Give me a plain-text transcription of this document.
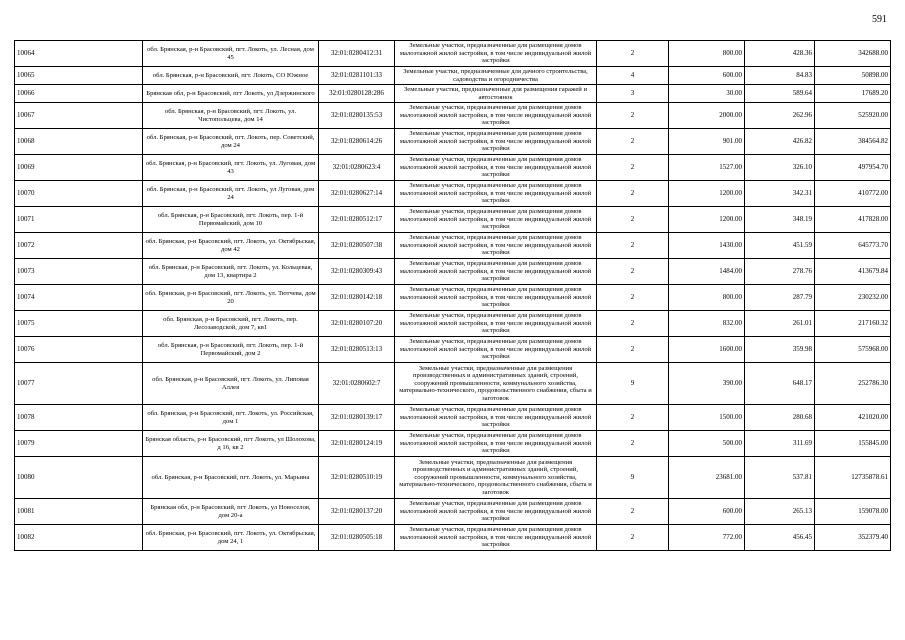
591
10064	обл. Брянская, р-н Брасовский, пгт. Локоть, ул. Лесная, дом 45	32:01:0280412:31	Земельные участки, предназначенные для размещения домов малоэтажной жилой застройки, в том числе индивидуальной жилой застройки	2	800.00	428.36	342688.00
10065	обл. Брянская, р-н Брасовский, пгт. Локоть, СО Южное	32:01:0281101:33	Земельные участки, предназначенные для дачного строительства, садоводства и огородничества	4	600.00	84.83	50898.00
10066	Брянская обл, р-н Брасовский, пгт Локоть, ул Дзержинского	32:01:0280128:286	Земельные участки, предназначенные для размещения гаражей и автостоянок	3	30.00	589.64	17689.20
10067	обл. Брянская, р-н Брасовский, пгт. Локоть, ул. Чистопольцевa, дом 14	32:01:0280135:53	Земельные участки, предназначенные для размещения домов малоэтажной жилой застройки, в том числе индивидуальной жилой застройки	2	2000.00	262.96	525920.00
10068	обл. Брянская, р-н Брасовский, пгт. Локоть, пер. Советский, дом 24	32:01:0280614:26	Земельные участки, предназначенные для размещения домов малоэтажной жилой застройки, в том числе индивидуальной жилой застройки	2	901.00	426.82	384564.82
10069	обл. Брянская, р-н Брасовский, пгт. Локоть, ул. Луговая, дом 43	32:01:0280623:4	Земельные участки, предназначенные для размещения домов малоэтажной жилой застройки, в том числе индивидуальной жилой застройки	2	1527.00	326.10	497954.70
10070	обл. Брянская, р-н Брасовский, пгт. Локоть, ул Луговая, дом 24	32:01:0280627:14	Земельные участки, предназначенные для размещения домов малоэтажной жилой застройки, в том числе индивидуальной жилой застройки	2	1200.00	342.31	410772.00
10071	обл. Брянская, р-н Брасовский, пгт. Локоть, пер. 1-й Первомайский, дом 10	32:01:0280512:17	Земельные участки, предназначенные для размещения домов малоэтажной жилой застройки, в том числе индивидуальной жилой застройки	2	1200.00	348.19	417828.00
10072	обл. Брянская, р-н Брасовский, пгт. Локоть, ул. Октябрьская, дом 42	32:01:0280507:38	Земельные участки, предназначенные для размещения домов малоэтажной жилой застройки, в том числе индивидуальной жилой застройки	2	1430.00	451.59	645773.70
10073	обл. Брянская, р-н Брасовский, пгт. Локоть, ул. Кольцевая, дом 13, квартира 2	32:01:0280309:43	Земельные участки, предназначенные для размещения домов малоэтажной жилой застройки, в том числе индивидуальной жилой застройки	2	1484.00	278.76	413679.84
10074	обл. Брянская, р-н Брасовский, пгт. Локоть, ул. Тютчева, дом 20	32:01:0280142:18	Земельные участки, предназначенные для размещения домов малоэтажной жилой застройки, в том числе индивидуальной жилой застройки	2	800.00	287.79	230232.00
10075	обл. Брянская, р-н Брасовский, пгт. Локоть, пер. Лесозаводской, дом 7, кв1	32:01:0280107:20	Земельные участки, предназначенные для размещения домов малоэтажной жилой застройки, в том числе индивидуальной жилой застройки	2	832.00	261.01	217160.32
10076	обл. Брянская, р-н Брасовский, пгт. Локоть, пер. 1-й Первомайский, дом 2	32:01:0280513:13	Земельные участки, предназначенные для размещения домов малоэтажной жилой застройки, в том числе индивидуальной жилой застройки	2	1600.00	359.98	575968.00
10077	обл. Брянская, р-н Брасовский, пгт. Локоть, ул. Липовая Аллея	32:01:0280602:7	Земельные участки, предназначенные для размещения производственных и административных зданий, строений, сооружений промышленности, коммунального хозяйства, материально-технического, продовольственного снабжения, сбыта и заготовок	9	390.00	648.17	252786.30
10078	обл. Брянская, р-н Брасовский, пгт. Локоть, ул. Российская, дом 1	32:01:0280139:17	Земельные участки, предназначенные для размещения домов малоэтажной жилой застройки, в том числе индивидуальной жилой застройки	2	1500.00	280.68	421020.00
10079	Брянская область, р-н Брасовский, пгт Локоть, ул Шолохова, д 16, кв 2	32:01:0280124:19	Земельные участки, предназначенные для размещения домов малоэтажной жилой застройки, в том числе индивидуальной жилой застройки	2	500.00	311.69	155845.00
10080	обл. Брянская, р-н Брасовский, пгт. Локоть, ул. Марьина	32:01:0280510:19	Земельные участки, предназначенные для размещения производственных и административных зданий, строений, сооружений промышленности, коммунального хозяйства, материально-технического, продовольственного снабжения, сбыта и заготовок	9	23681.00	537.81	12735878.61
10081	Брянская обл, р-н Брасовский, пгт Локоть, ул Новоселов, дом 20-а	32:01:0280137:20	Земельные участки, предназначенные для размещения домов малоэтажной жилой застройки, в том числе индивидуальной жилой застройки	2	600.00	265.13	159078.00
10082	обл. Брянская, р-н Брасовский, пгт. Локоть, ул. Октябрьская, дом 24, 1	32:01:0280505:18	Земельные участки, предназначенные для размещения домов малоэтажной жилой застройки, в том числе индивидуальной жилой застройки	2	772.00	456.45	352379.40
